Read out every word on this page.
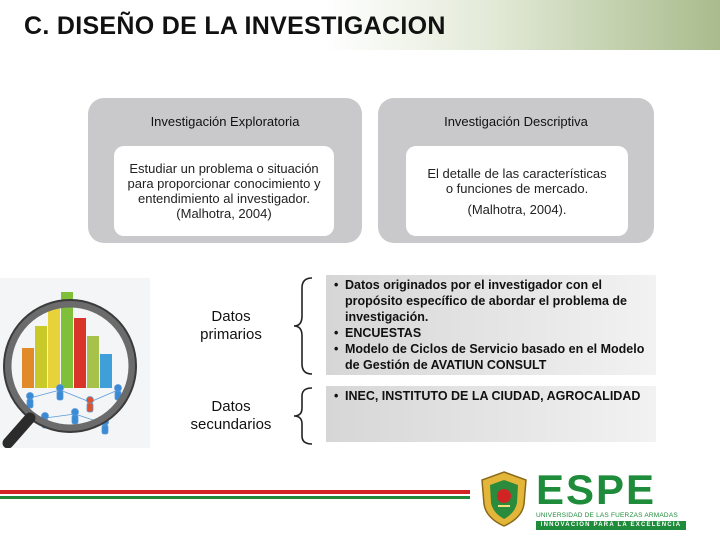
C. DISEÑO DE LA INVESTIGACION
Investigación Exploratoria
Estudiar un problema o situación
para proporcionar conocimiento y
entendimiento al investigador.
(Malhotra, 2004)
Investigación Descriptiva
El detalle de las características
o funciones de mercado.
(Malhotra, 2004).
Datos
primarios
• Datos originados por el investigador con el propósito específico de abordar el problema de investigación.
• ENCUESTAS
• Modelo de Ciclos de Servicio basado en el Modelo de Gestión de AVATIUN CONSULT
Datos
secundarios
• INEC, INSTITUTO DE LA CIUDAD, AGROCALIDAD
ESPE
UNIVERSIDAD DE LAS FUERZAS ARMADAS
INNOVACIÓN PARA LA EXCELENCIA
